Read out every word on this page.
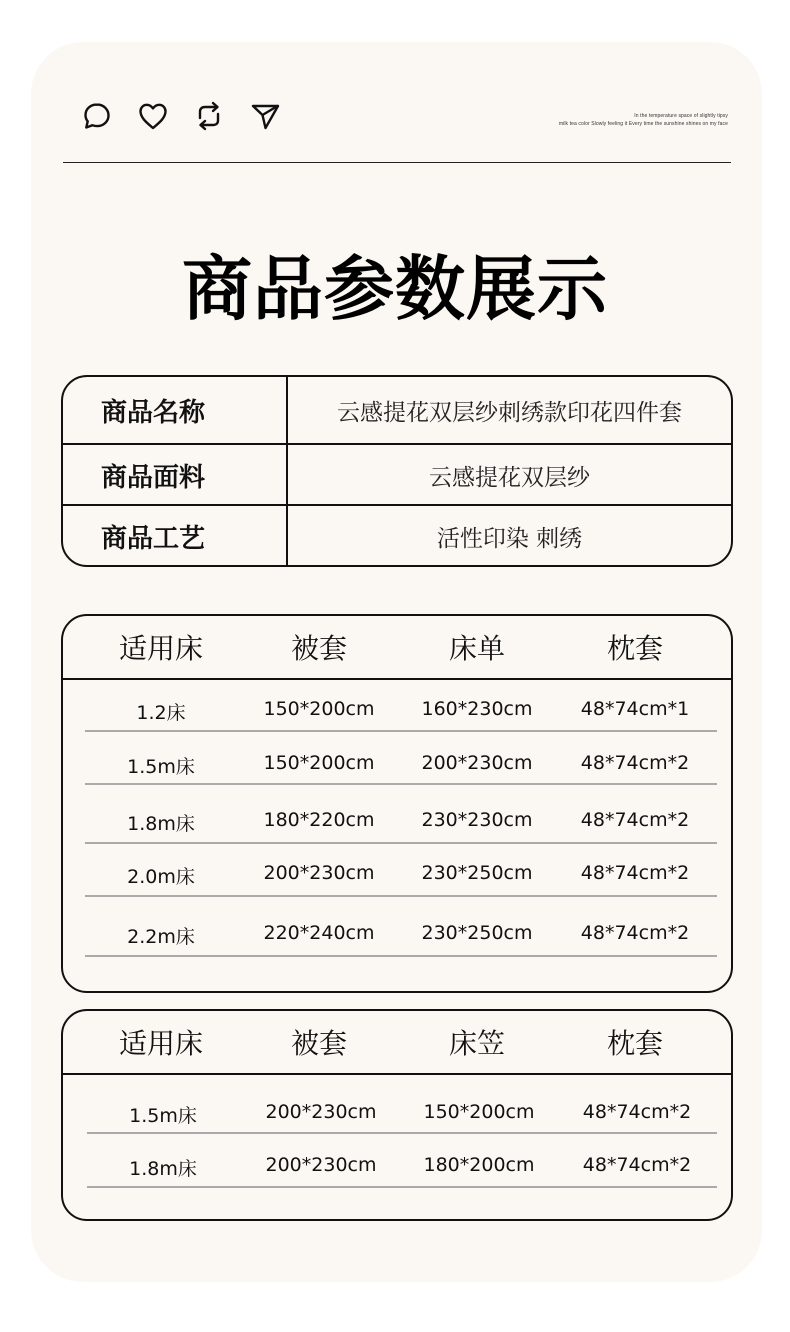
In the temperature space of slightly tipsy
milk tea color Slowly feeling it Every time the sunshine shines on my face
商品参数展示
商品名称	云感提花双层纱刺绣款印花四件套
商品面料	云感提花双层纱
商品工艺	活性印染 刺绣
适用床	被套	床单	枕套
1.2床	150*200cm	160*230cm	48*74cm*1
1.5m床	150*200cm	200*230cm	48*74cm*2
1.8m床	180*220cm	230*230cm	48*74cm*2
2.0m床	200*230cm	230*250cm	48*74cm*2
2.2m床	220*240cm	230*250cm	48*74cm*2
适用床	被套	床笠	枕套
1.5m床	200*230cm	150*200cm	48*74cm*2
1.8m床	200*230cm	180*200cm	48*74cm*2
